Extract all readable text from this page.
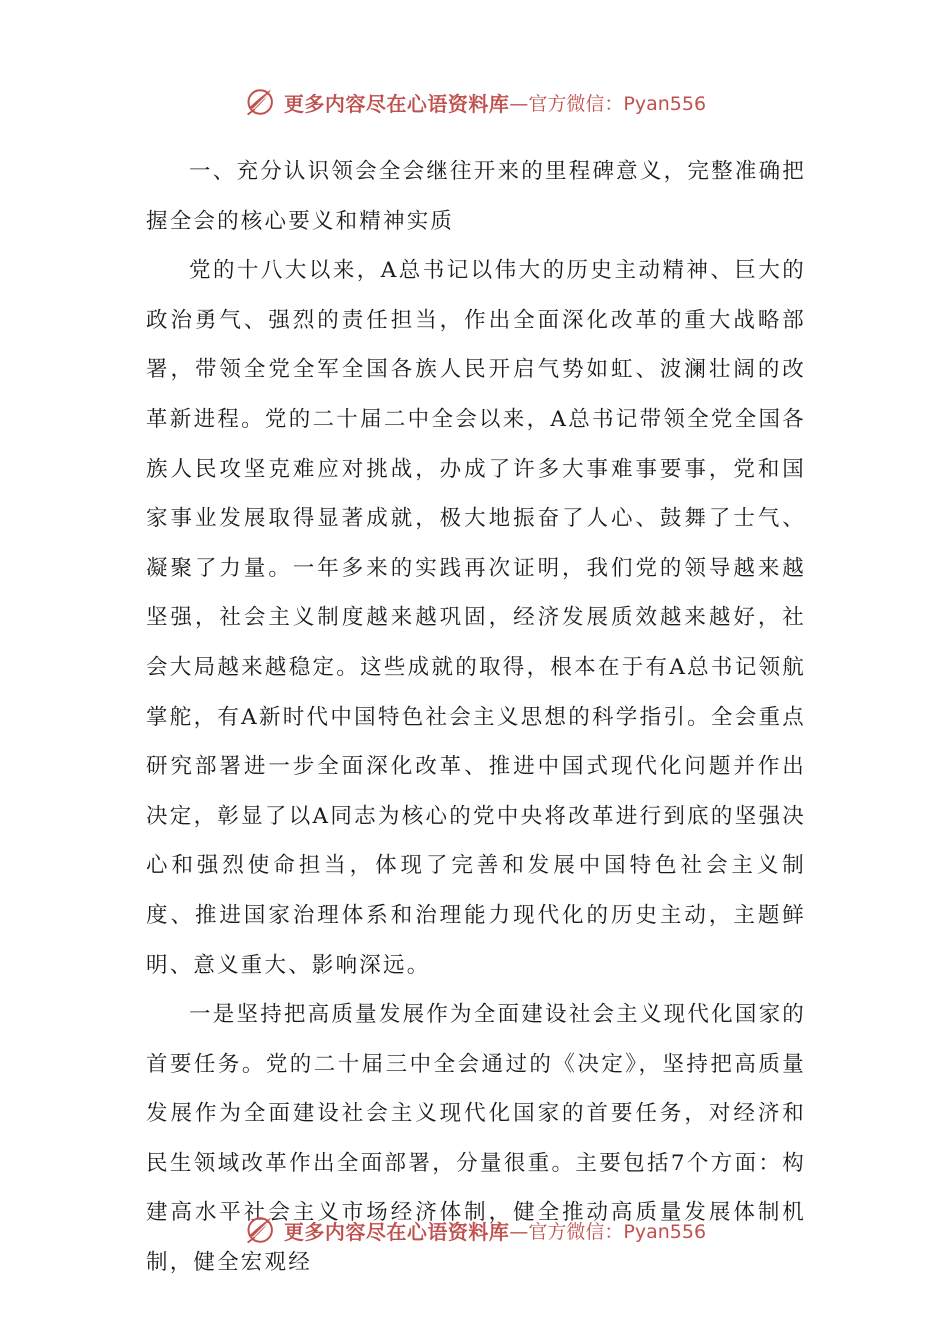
更多内容尽在心语资料库 —官方微信：Pyan556

一、充分认识领会全会继往开来的里程碑意义，完整准确把握全会的核心要义和精神实质

党的十八大以来，A总书记以伟大的历史主动精神、巨大的政治勇气、强烈的责任担当，作出全面深化改革的重大战略部署，带领全党全军全国各族人民开启气势如虹、波澜壮阔的改革新进程。党的二十届二中全会以来，A总书记带领全党全国各族人民攻坚克难应对挑战，办成了许多大事难事要事，党和国家事业发展取得显著成就，极大地振奋了人心、鼓舞了士气、凝聚了力量。一年多来的实践再次证明，我们党的领导越来越坚强，社会主义制度越来越巩固，经济发展质效越来越好，社会大局越来越稳定。这些成就的取得，根本在于有A总书记领航掌舵，有A新时代中国特色社会主义思想的科学指引。全会重点研究部署进一步全面深化改革、推进中国式现代化问题并作出决定，彰显了以A同志为核心的党中央将改革进行到底的坚强决心和强烈使命担当，体现了完善和发展中国特色社会主义制度、推进国家治理体系和治理能力现代化的历史主动，主题鲜明、意义重大、影响深远。

一是坚持把高质量发展作为全面建设社会主义现代化国家的首要任务。党的二十届三中全会通过的《决定》，坚持把高质量发展作为全面建设社会主义现代化国家的首要任务，对经济和民生领域改革作出全面部署，分量很重。主要包括7个方面：构建高水平社会主义市场经济体制，健全推动高质量发展体制机制，健全宏观经

更多内容尽在心语资料库 —官方微信：Pyan556
